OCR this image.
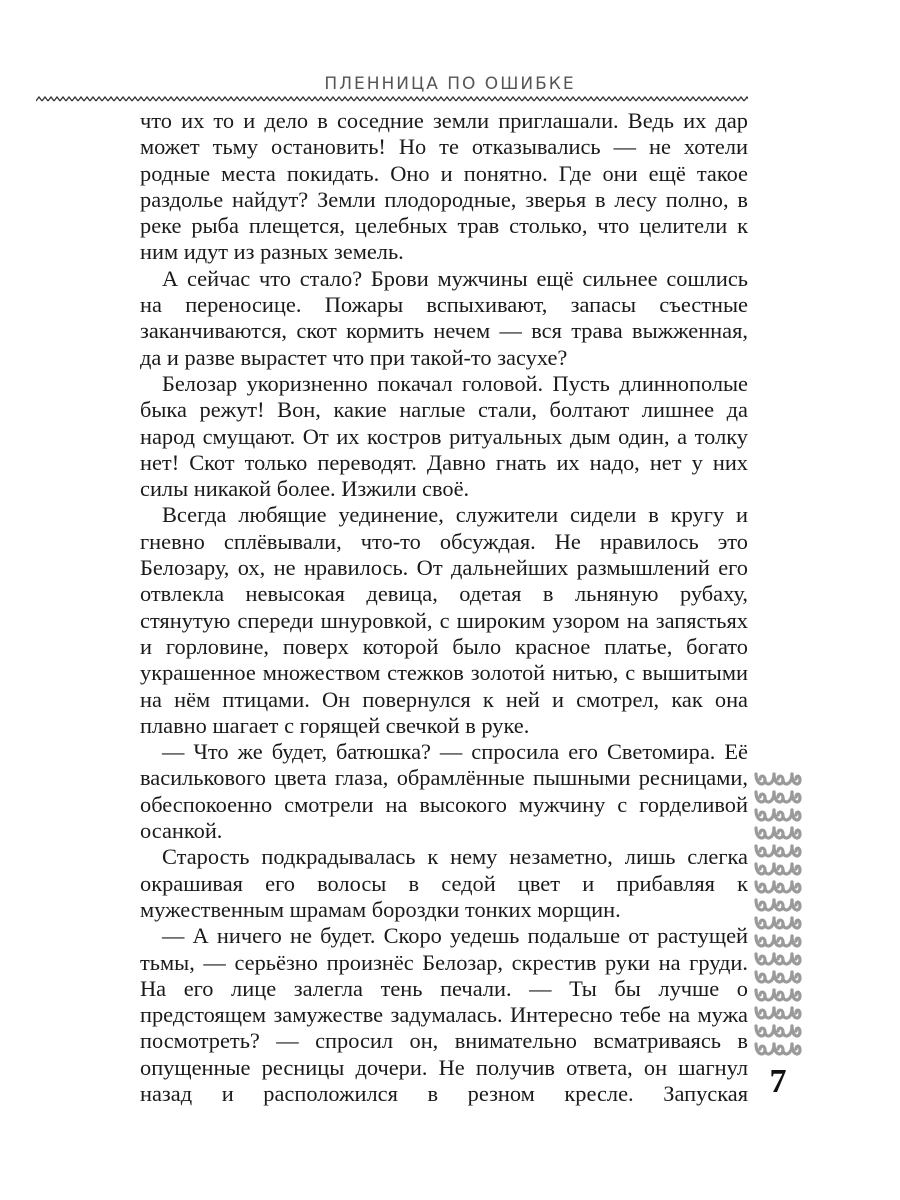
ПЛЕННИЦА ПО ОШИБКЕ

что их то и дело в соседние земли приглашали. Ведь их дар может тьму остановить! Но те отказывались — не хотели родные места покидать. Оно и понятно. Где они ещё такое раздолье найдут? Земли плодородные, зверья в лесу полно, в реке рыба плещется, целебных трав столько, что целители к ним идут из разных земель.

А сейчас что стало? Брови мужчины ещё сильнее сошлись на переносице. Пожары вспыхивают, запасы съестные заканчиваются, скот кормить нечем — вся трава выжженная, да и разве вырастет что при такой-то засухе?

Белозар укоризненно покачал головой. Пусть длиннополые быка режут! Вон, какие наглые стали, болтают лишнее да народ смущают. От их костров ритуальных дым один, а толку нет! Скот только переводят. Давно гнать их надо, нет у них силы никакой более. Изжили своё.

Всегда любящие уединение, служители сидели в кругу и гневно сплёвывали, что-то обсуждая. Не нравилось это Белозару, ох, не нравилось. От дальнейших размышлений его отвлекла невысокая девица, одетая в льняную рубаху, стянутую спереди шнуровкой, с широким узором на запястьях и горловине, поверх которой было красное платье, богато украшенное множеством стежков золотой нитью, с вышитыми на нём птицами. Он повернулся к ней и смотрел, как она плавно шагает с горящей свечкой в руке.

— Что же будет, батюшка? — спросила его Светомира. Её василькового цвета глаза, обрамлённые пышными ресницами, обеспокоенно смотрели на высокого мужчину с горделивой осанкой.

Старость подкрадывалась к нему незаметно, лишь слегка окрашивая его волосы в седой цвет и прибавляя к мужественным шрамам бороздки тонких морщин.

— А ничего не будет. Скоро уедешь подальше от растущей тьмы, — серьёзно произнёс Белозар, скрестив руки на груди. На его лице залегла тень печали. — Ты бы лучше о предстоящем замужестве задумалась. Интересно тебе на мужа посмотреть? — спросил он, внимательно всматриваясь в опущенные ресницы дочери. Не получив ответа, он шагнул назад и расположился в резном кресле. Запуская 7
